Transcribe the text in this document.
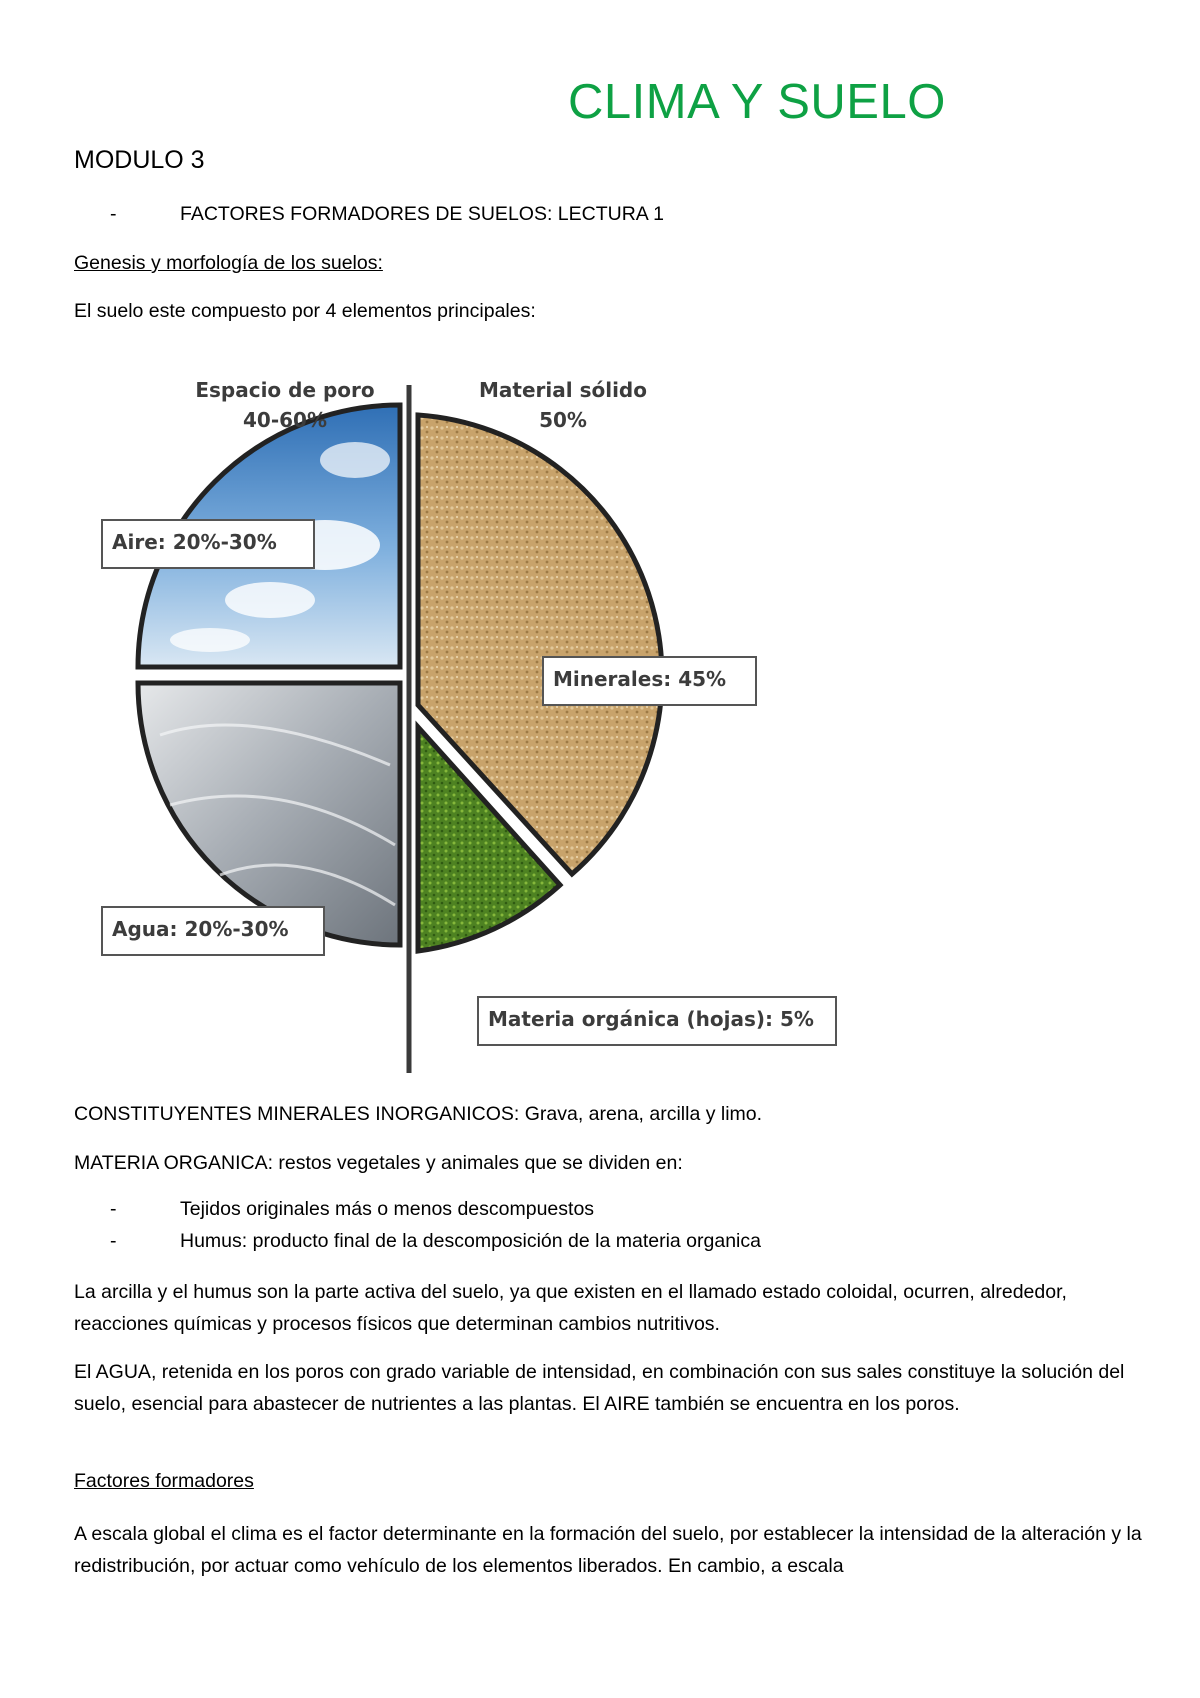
CLIMA Y SUELO
MODULO 3
-	FACTORES FORMADORES DE SUELOS: LECTURA 1
Genesis y morfología de los suelos:
El suelo este compuesto por 4 elementos principales:
Espacio de poro
40-60%
Material sólido
50%
Aire: 20%-30%
Minerales: 45%
Agua: 20%-30%
Materia orgánica (hojas): 5%
CONSTITUYENTES MINERALES INORGANICOS: Grava, arena, arcilla y limo.
MATERIA ORGANICA: restos vegetales y animales que se dividen en:
-	Tejidos originales más o menos descompuestos
-	Humus: producto final de la descomposición de la materia organica
La arcilla y el humus son la parte activa del suelo, ya que existen en el llamado estado coloidal, ocurren, alrededor, reacciones químicas y procesos físicos que determinan cambios nutritivos.
El AGUA, retenida en los poros con grado variable de intensidad, en combinación con sus sales constituye la solución del suelo, esencial para abastecer de nutrientes a las plantas. El AIRE también se encuentra en los poros.
Factores formadores
A escala global el clima es el factor determinante en la formación del suelo, por establecer la intensidad de la alteración y la redistribución, por actuar como vehículo de los elementos liberados. En cambio, a escala
